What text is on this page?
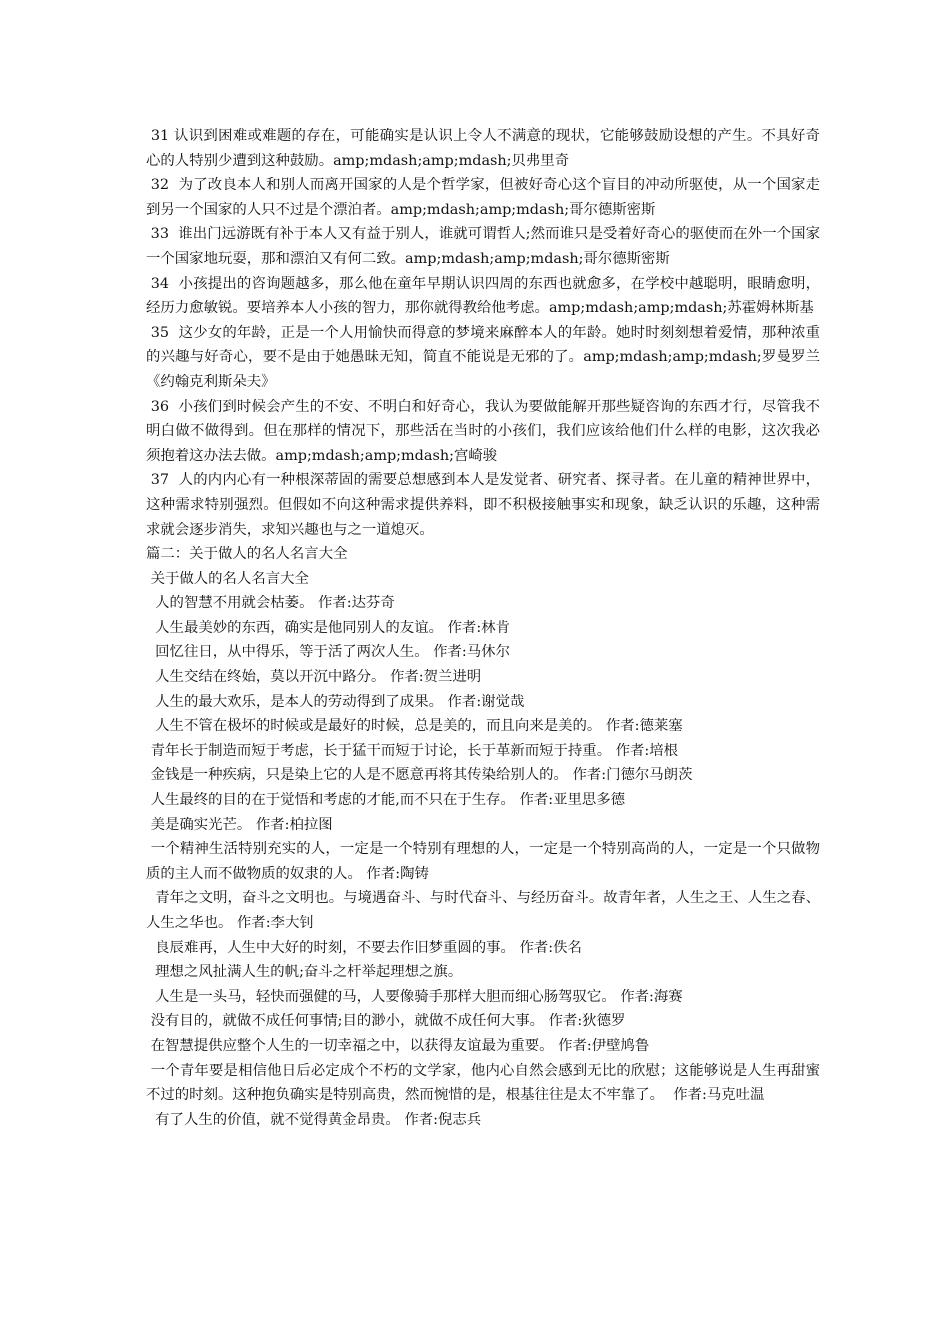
31 认识到困难或难题的存在，可能确实是认识上令人不满意的现状，它能够鼓励设想的产生。不具好奇心的人特别少遭到这种鼓励。amp;mdash;amp;mdash;贝弗里奇

32  为了改良本人和别人而离开国家的人是个哲学家，但被好奇心这个盲目的冲动所驱使，从一个国家走到另一个国家的人只不过是个漂泊者。amp;mdash;amp;mdash;哥尔德斯密斯

33  谁出门远游既有补于本人又有益于别人，谁就可谓哲人;然而谁只是受着好奇心的驱使而在外一个国家一个国家地玩耍，那和漂泊又有何二致。amp;mdash;amp;mdash;哥尔德斯密斯

34  小孩提出的咨询题越多，那么他在童年早期认识四周的东西也就愈多，在学校中越聪明，眼睛愈明，经历力愈敏锐。要培养本人小孩的智力，那你就得教给他考虑。amp;mdash;amp;mdash;苏霍姆林斯基

35  这少女的年龄，正是一个人用愉快而得意的梦境来麻醉本人的年龄。她时时刻刻想着爱情，那种浓重的兴趣与好奇心，要不是由于她愚昧无知，简直不能说是无邪的了。amp;mdash;amp;mdash;罗曼罗兰《约翰克利斯朵夫》

36  小孩们到时候会产生的不安、不明白和好奇心，我认为要做能解开那些疑咨询的东西才行，尽管我不明白做不做得到。但在那样的情况下，那些活在当时的小孩们，我们应该给他们什么样的电影，这次我必须抱着这办法去做。amp;mdash;amp;mdash;宫崎骏

37  人的内内心有一种根深蒂固的需要总想感到本人是发觉者、研究者、探寻者。在儿童的精神世界中，这种需求特别强烈。但假如不向这种需求提供养料，即不积极接触事实和现象，缺乏认识的乐趣，这种需求就会逐步消失，求知兴趣也与之一道熄灭。

篇二：关于做人的名人名言大全

关于做人的名人名言大全

人的智慧不用就会枯萎。 作者:达芬奇

人生最美妙的东西，确实是他同别人的友谊。 作者:林肯

回忆往日，从中得乐，等于活了两次人生。 作者:马休尔

人生交结在终始，莫以开沉中路分。 作者:贺兰进明

人生的最大欢乐，是本人的劳动得到了成果。 作者:谢觉哉

人生不管在极坏的时候或是最好的时候，总是美的，而且向来是美的。 作者:德莱塞

青年长于制造而短于考虑，长于猛干而短于讨论，长于革新而短于持重。 作者:培根

金钱是一种疾病，只是染上它的人是不愿意再将其传染给别人的。 作者:门德尔马朗茨

人生最终的目的在于觉悟和考虑的才能,而不只在于生存。 作者:亚里思多德

美是确实光芒。 作者:柏拉图

一个精神生活特别充实的人，一定是一个特别有理想的人，一定是一个特别高尚的人，一定是一个只做物质的主人而不做物质的奴隶的人。 作者:陶铸

青年之文明，奋斗之文明也。与境遇奋斗、与时代奋斗、与经历奋斗。故青年者，人生之王、人生之春、人生之华也。 作者:李大钊

良辰难再，人生中大好的时刻，不要去作旧梦重圆的事。 作者:佚名

理想之风扯满人生的帆;奋斗之杆举起理想之旗。

人生是一头马，轻快而强健的马，人要像骑手那样大胆而细心肠驾驭它。 作者:海赛

没有目的，就做不成任何事情;目的渺小，就做不成任何大事。 作者:狄德罗

在智慧提供应整个人生的一切幸福之中，以获得友谊最为重要。 作者:伊壁鸠鲁

一个青年要是相信他日后必定成个不朽的文学家，他内心自然会感到无比的欣慰；这能够说是人生再甜蜜不过的时刻。这种抱负确实是特别高贵，然而惋惜的是，根基往往是太不牢靠了。  作者:马克吐温

有了人生的价值，就不觉得黄金昂贵。 作者:倪志兵
